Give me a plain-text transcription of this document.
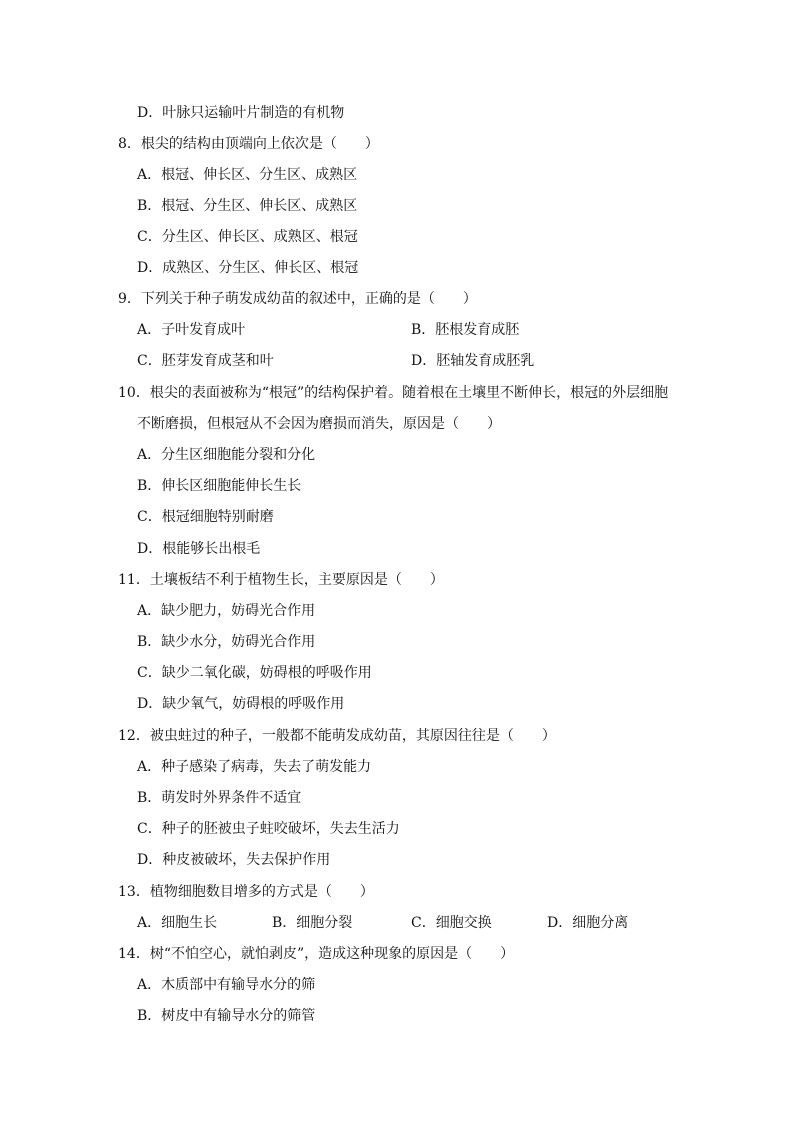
D．叶脉只运输叶片制造的有机物
8．根尖的结构由顶端向上依次是（　　）
A．根冠、伸长区、分生区、成熟区
B．根冠、分生区、伸长区、成熟区
C．分生区、伸长区、成熟区、根冠
D．成熟区、分生区、伸长区、根冠
9．下列关于种子萌发成幼苗的叙述中，正确的是（　　）
A．子叶发育成叶	B．胚根发育成胚
C．胚芽发育成茎和叶	D．胚轴发育成胚乳
10．根尖的表面被称为“根冠”的结构保护着。随着根在土壤里不断伸长，根冠的外层细胞
不断磨损，但根冠从不会因为磨损而消失，原因是（　　）
A．分生区细胞能分裂和分化
B．伸长区细胞能伸长生长
C．根冠细胞特别耐磨
D．根能够长出根毛
11．土壤板结不利于植物生长，主要原因是（　　）
A．缺少肥力，妨碍光合作用
B．缺少水分，妨碍光合作用
C．缺少二氧化碳，妨碍根的呼吸作用
D．缺少氧气，妨碍根的呼吸作用
12．被虫蛀过的种子，一般都不能萌发成幼苗，其原因往往是（　　）
A．种子感染了病毒，失去了萌发能力
B．萌发时外界条件不适宜
C．种子的胚被虫子蛀咬破坏，失去生活力
D．种皮被破坏，失去保护作用
13．植物细胞数目增多的方式是（　　）
A．细胞生长	B．细胞分裂	C．细胞交换	D．细胞分离
14．树“不怕空心，就怕剥皮”，造成这种现象的原因是（　　）
A．木质部中有输导水分的筛
B．树皮中有输导水分的筛管
